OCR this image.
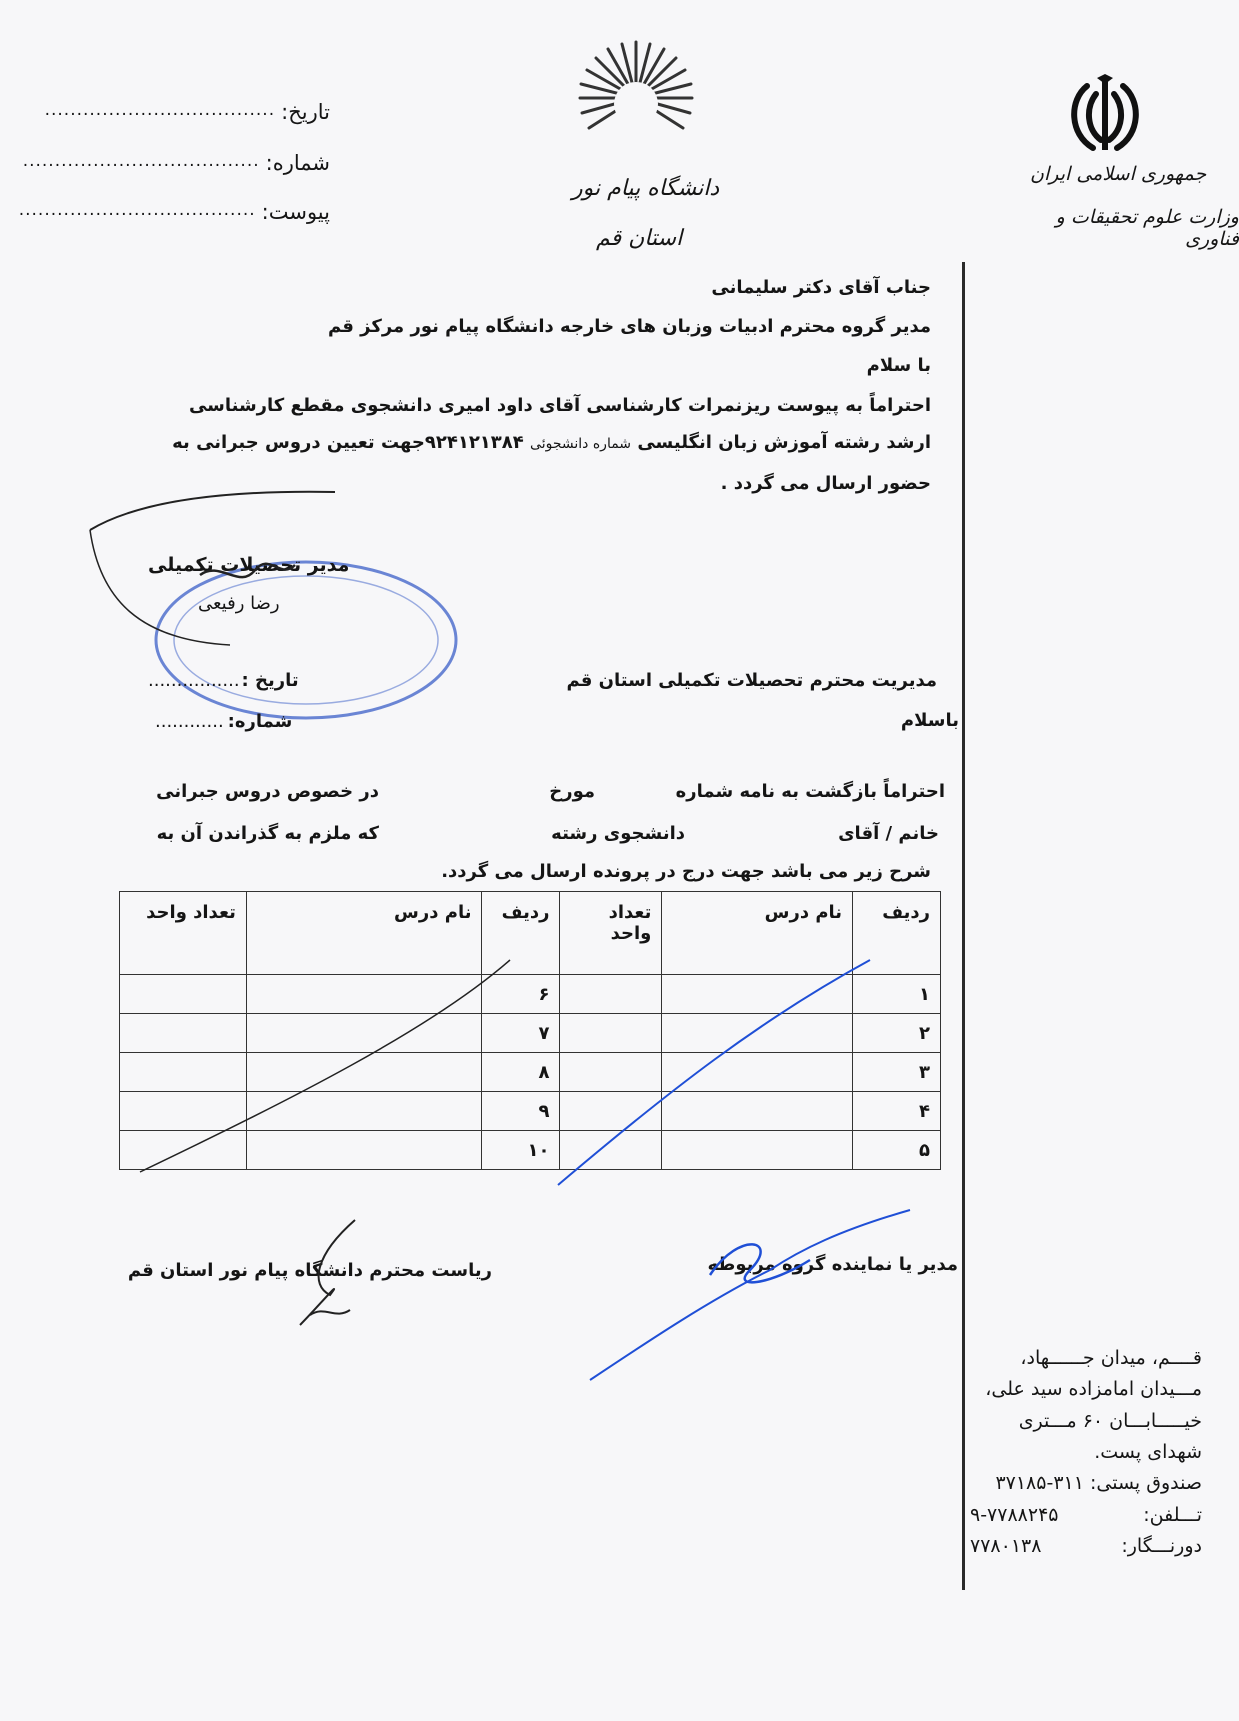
جمهوری اسلامی ایران
وزارت علوم تحقیقات و فناوری
دانشگاه پیام نور
استان قم
تاریخ:
....................................
شماره:
.....................................
پیوست:
.....................................
جناب آقای دکتر سلیمانی
مدیر گروه محترم ادبیات وزبان های خارجه دانشگاه پیام نور مرکز قم
با سلام
احتراماً به پیوست ریزنمرات کارشناسی آقای داود امیری دانشجوی مقطع کارشناسی
ارشد رشته آموزش زبان انگلیسی شماره دانشجوئی ۹۲۴۱۲۱۳۸۴جهت تعیین دروس جبرانی به
حضور ارسال می گردد .
مدیر تحصیلات تکمیلی
رضا رفیعی
تاریخ :
................
شماره:
............
مدیریت محترم تحصیلات تکمیلی استان قم
باسلام
احتراماً بازگشت به نامه شماره
مورخ
در خصوص دروس جبرانی
خانم / آقای
دانشجوی رشته
که ملزم به گذراندن آن به
شرح زیر می باشد جهت درج در پرونده ارسال می گردد.
ردیف	نام درس	تعداد واحد	ردیف	نام درس	تعداد واحد
۱			۶		
۲			۷		
۳			۸		
۴			۹		
۵			۱۰		
مدیر یا نماینده گروه مربوطه
ریاست محترم دانشگاه پیام نور استان قم
قــــم، میدان جــــــهاد،
مـــیدان امامزاده سید علی،
خیـــــابـــان ۶۰ مـــتری
شهدای پست.
صندوق پستی: ۳۱۱-۳۷۱۸۵
تـــلفن:
۹-۷۷۸۸۲۴۵
دورنـــگار:
۷۷۸۰۱۳۸
